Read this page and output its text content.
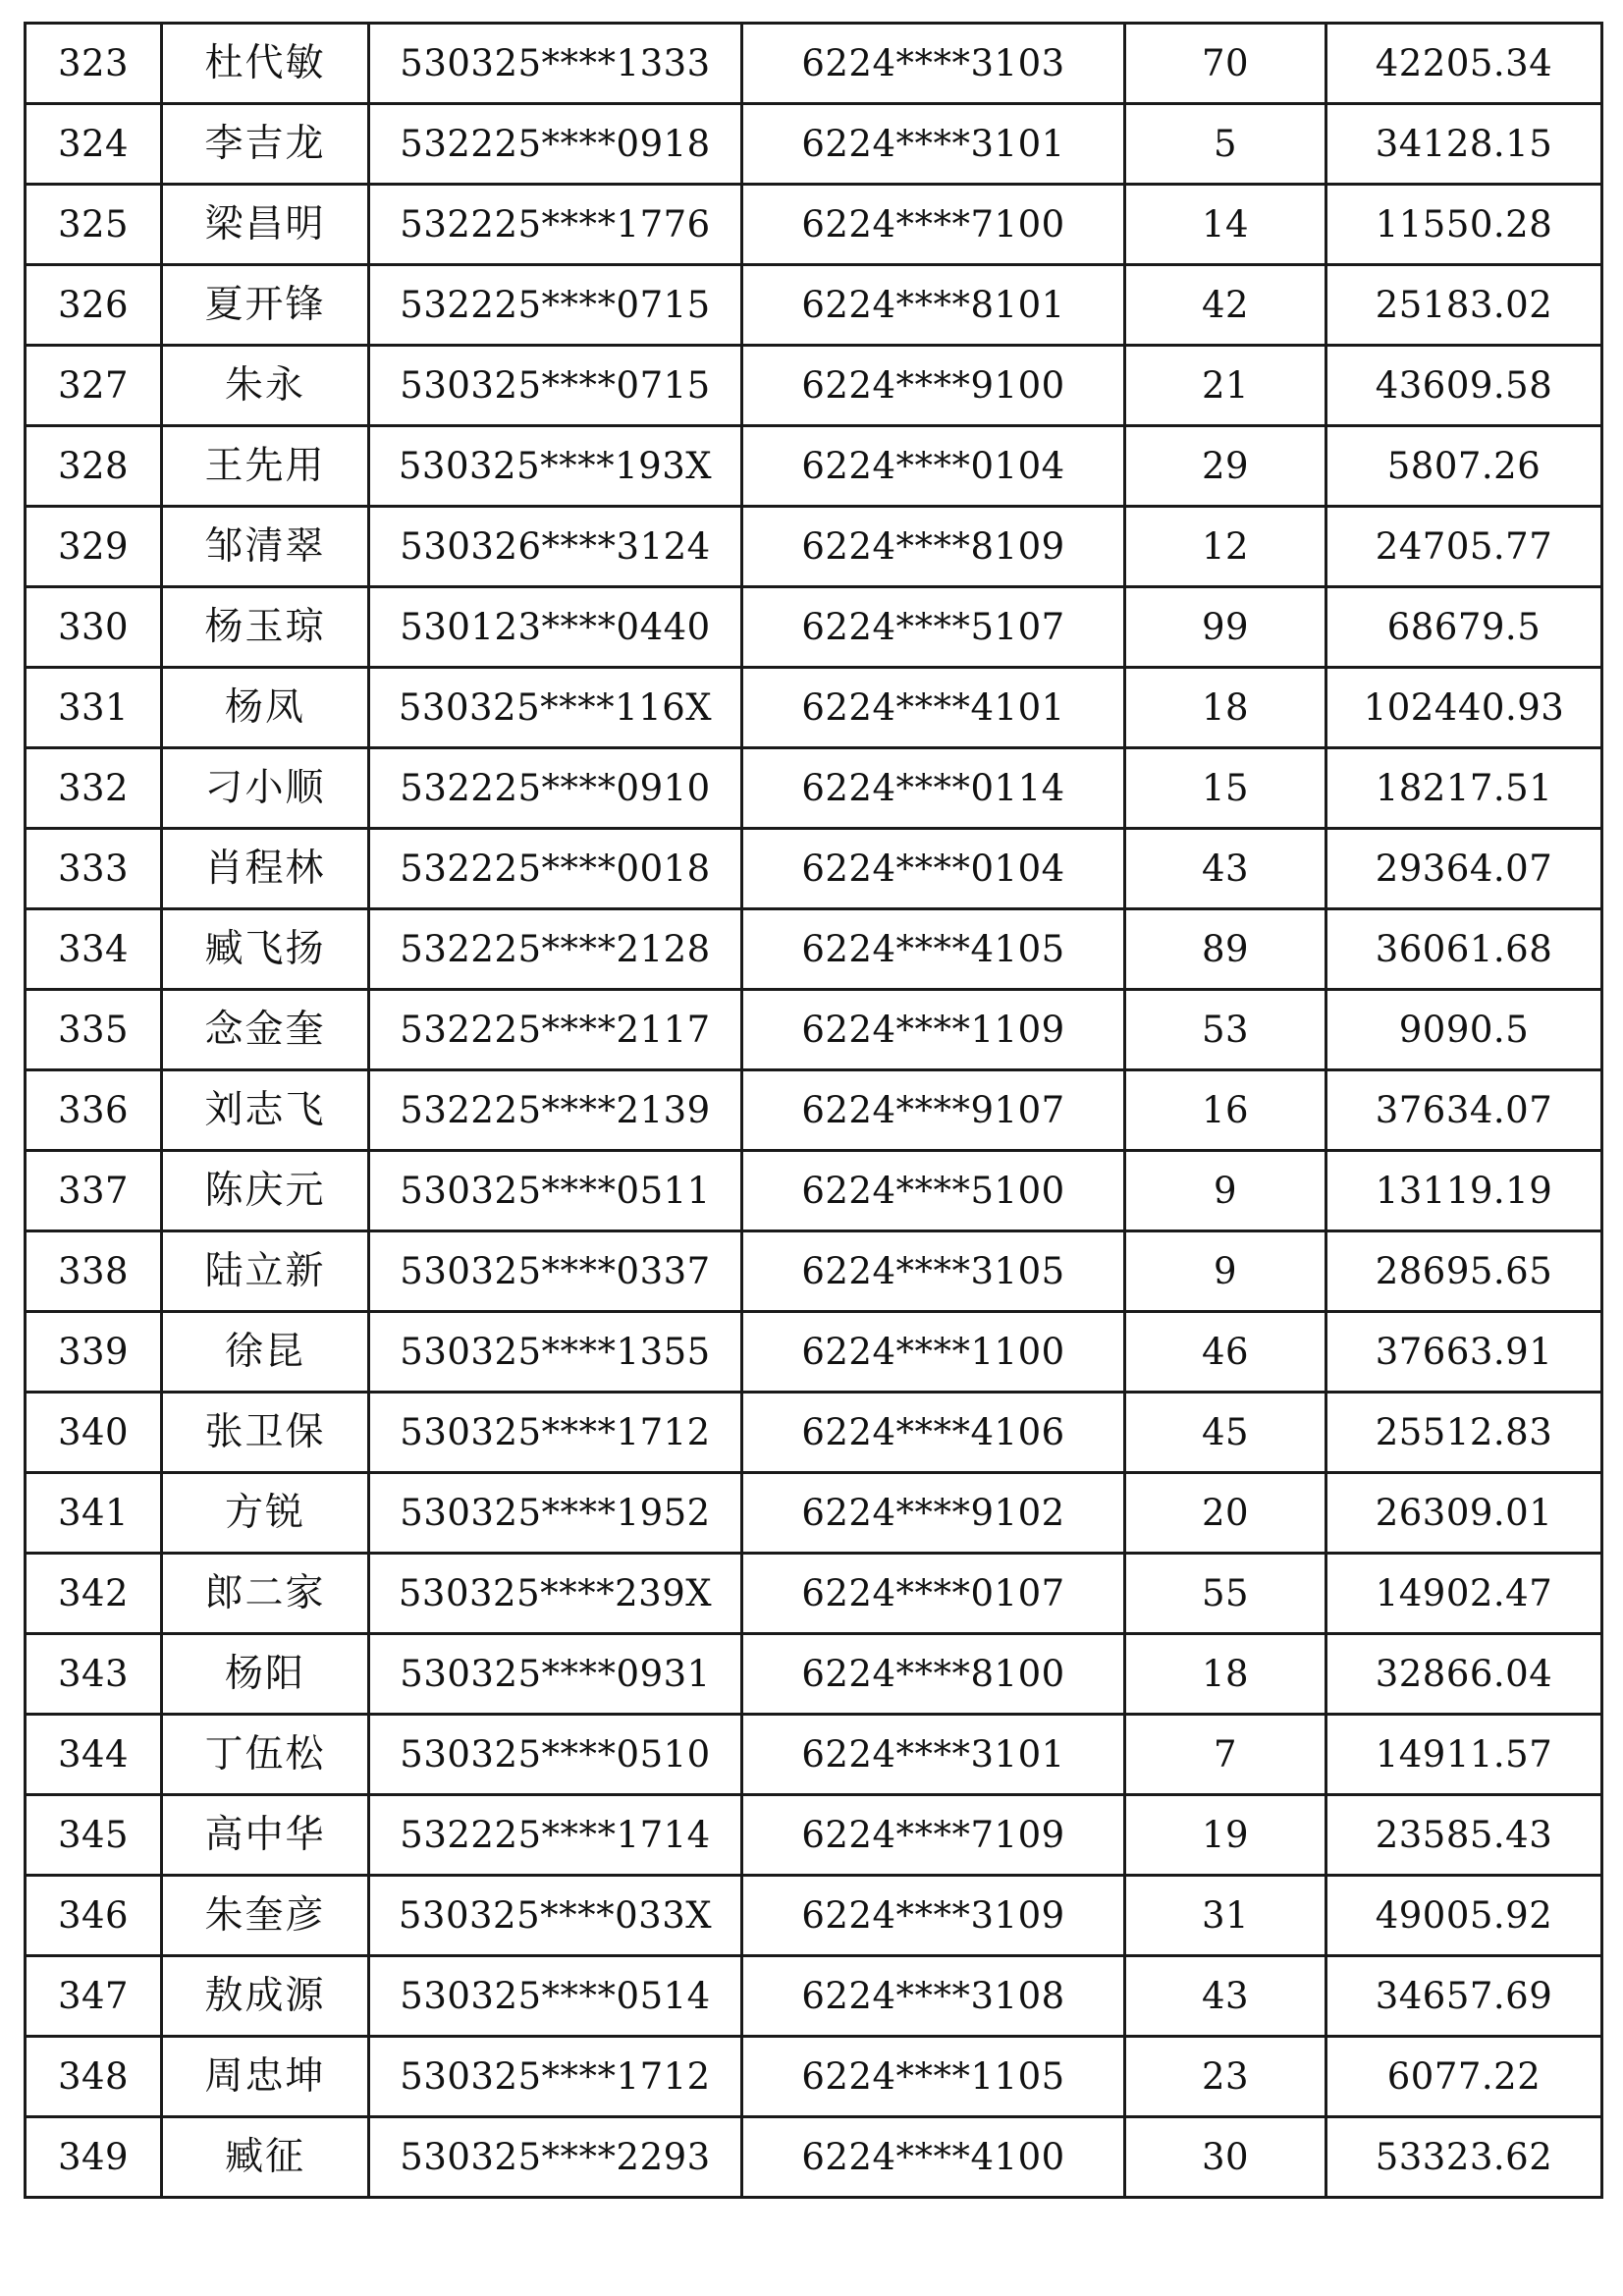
323	杜代敏	530325****1333	6224****3103	70	42205.34
324	李吉龙	532225****0918	6224****3101	5	34128.15
325	梁昌明	532225****1776	6224****7100	14	11550.28
326	夏开锋	532225****0715	6224****8101	42	25183.02
327	朱永	530325****0715	6224****9100	21	43609.58
328	王先用	530325****193X	6224****0104	29	5807.26
329	邹清翠	530326****3124	6224****8109	12	24705.77
330	杨玉琼	530123****0440	6224****5107	99	68679.5
331	杨凤	530325****116X	6224****4101	18	102440.93
332	刁小顺	532225****0910	6224****0114	15	18217.51
333	肖程林	532225****0018	6224****0104	43	29364.07
334	臧飞扬	532225****2128	6224****4105	89	36061.68
335	念金奎	532225****2117	6224****1109	53	9090.5
336	刘志飞	532225****2139	6224****9107	16	37634.07
337	陈庆元	530325****0511	6224****5100	9	13119.19
338	陆立新	530325****0337	6224****3105	9	28695.65
339	徐昆	530325****1355	6224****1100	46	37663.91
340	张卫保	530325****1712	6224****4106	45	25512.83
341	方锐	530325****1952	6224****9102	20	26309.01
342	郎二家	530325****239X	6224****0107	55	14902.47
343	杨阳	530325****0931	6224****8100	18	32866.04
344	丁伍松	530325****0510	6224****3101	7	14911.57
345	高中华	532225****1714	6224****7109	19	23585.43
346	朱奎彦	530325****033X	6224****3109	31	49005.92
347	敖成源	530325****0514	6224****3108	43	34657.69
348	周忠坤	530325****1712	6224****1105	23	6077.22
349	臧征	530325****2293	6224****4100	30	53323.62
